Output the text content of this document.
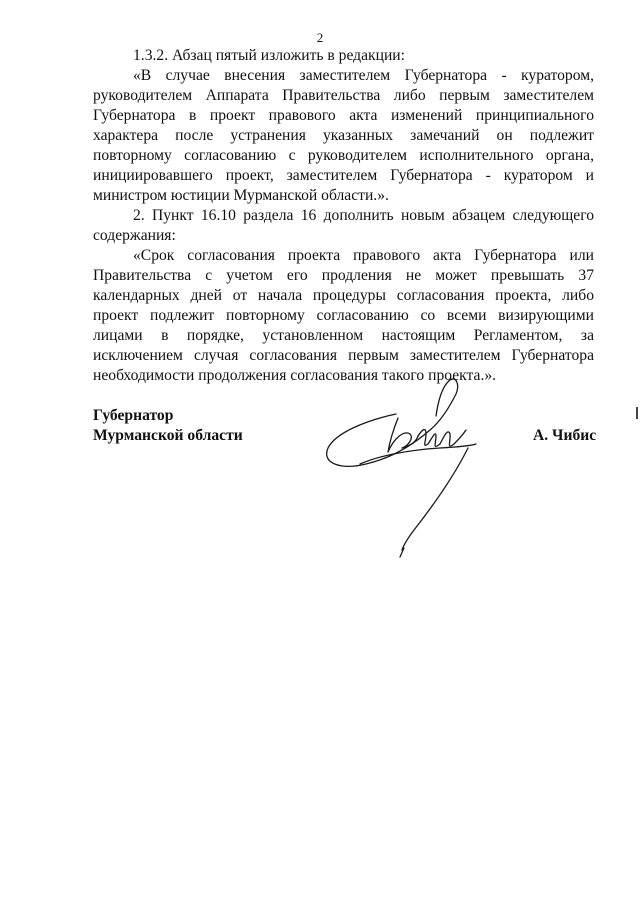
2

1.3.2. Абзац пятый изложить в редакции:

«В случае внесения заместителем Губернатора - куратором, руководителем Аппарата Правительства либо первым заместителем Губернатора в проект правового акта изменений принципиального характера после устранения указанных замечаний он подлежит повторному согласованию с руководителем исполнительного органа, инициировавшего проект, заместителем Губернатора - куратором и министром юстиции Мурманской области.».

2. Пункт 16.10 раздела 16 дополнить новым абзацем следующего содержания:

«Срок согласования проекта правового акта Губернатора или Правительства с учетом его продления не может превышать 37 календарных дней от начала процедуры согласования проекта, либо проект подлежит повторному согласованию со всеми визирующими лицами в порядке, установленном настоящим Регламентом, за исключением случая согласования первым заместителем Губернатора необходимости продолжения согласования такого проекта.».

Губернатор
Мурманской области	А. Чибис
